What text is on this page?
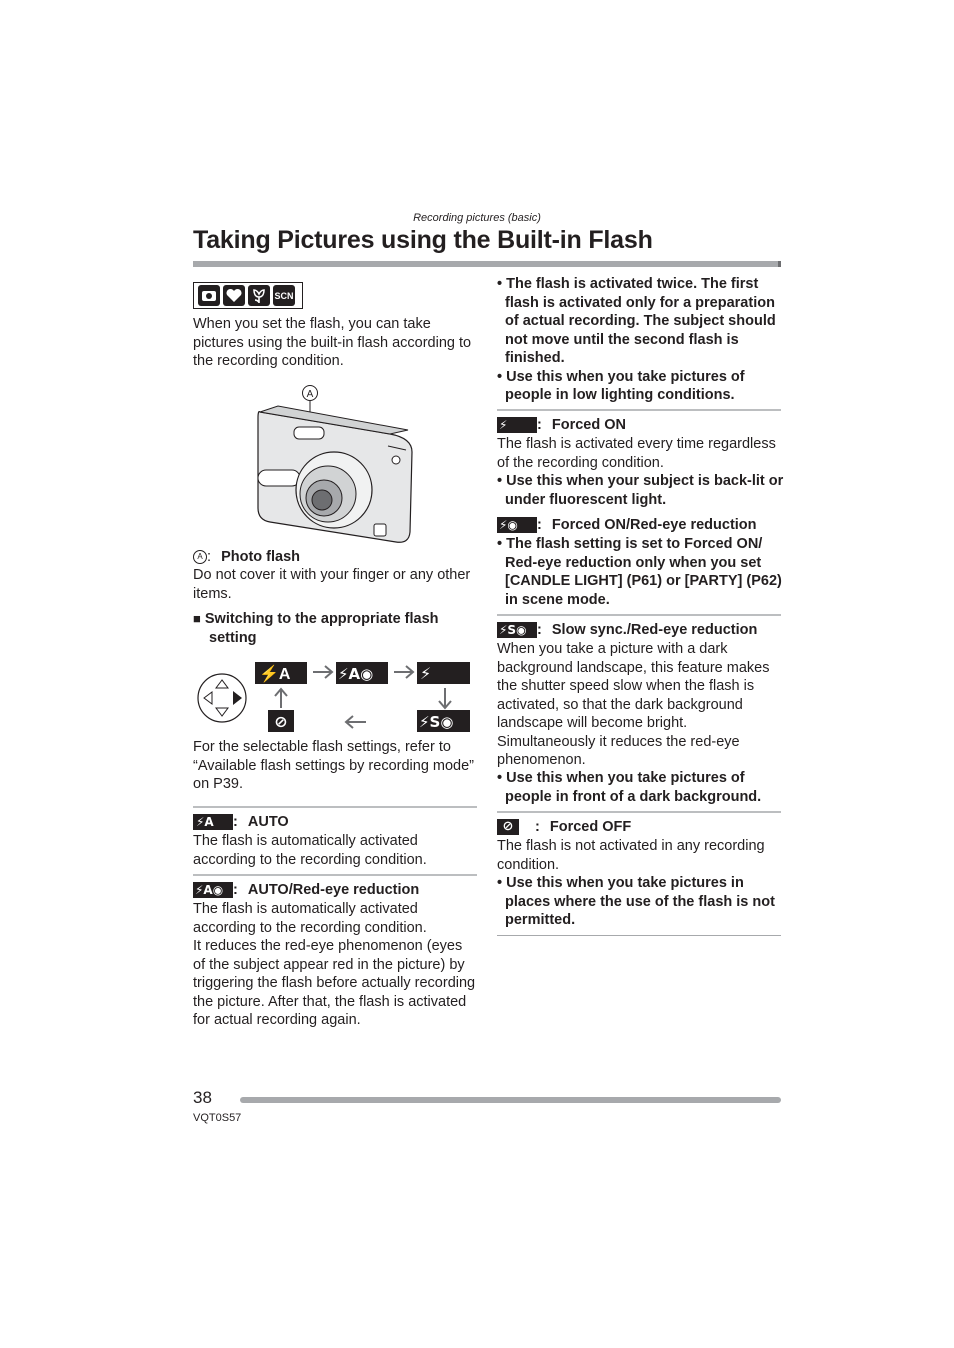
Recording pictures (basic)
Taking Pictures using the Built-in Flash
SCN
When you set the flash, you can take pictures using the built-in flash according to the recording condition.
A
A : Photo flash
Do not cover it with your finger or any other items.
■ Switching to the appropriate flash
setting
⚡A	⚡A◉	⚡
⊘	⚡S◉
For the selectable flash settings, refer to “Available flash settings by recording mode” on P39.
⚡A : AUTO
The flash is automatically activated according to the recording condition.
⚡A◉ : AUTO/Red-eye reduction
The flash is automatically activated according to the recording condition.
It reduces the red-eye phenomenon (eyes of the subject appear red in the picture) by triggering the flash before actually recording the picture. After that, the flash is activated for actual recording again.
• The flash is activated twice. The first flash is activated only for a preparation of actual recording. The subject should not move until the second flash is finished.
• Use this when you take pictures of people in low lighting conditions.
⚡ : Forced ON
The flash is activated every time regardless of the recording condition.
• Use this when your subject is back-lit or under fluorescent light.
⚡◉ : Forced ON/Red-eye reduction
• The flash setting is set to Forced ON/ Red-eye reduction only when you set [CANDLE LIGHT] (P61) or [PARTY] (P62) in scene mode.
⚡S◉ : Slow sync./Red-eye reduction
When you take a picture with a dark background landscape, this feature makes the shutter speed slow when the flash is activated, so that the dark background landscape will become bright. Simultaneously it reduces the red-eye phenomenon.
• Use this when you take pictures of people in front of a dark background.
⊘ : Forced OFF
The flash is not activated in any recording condition.
• Use this when you take pictures in places where the use of the flash is not permitted.
38
VQT0S57
